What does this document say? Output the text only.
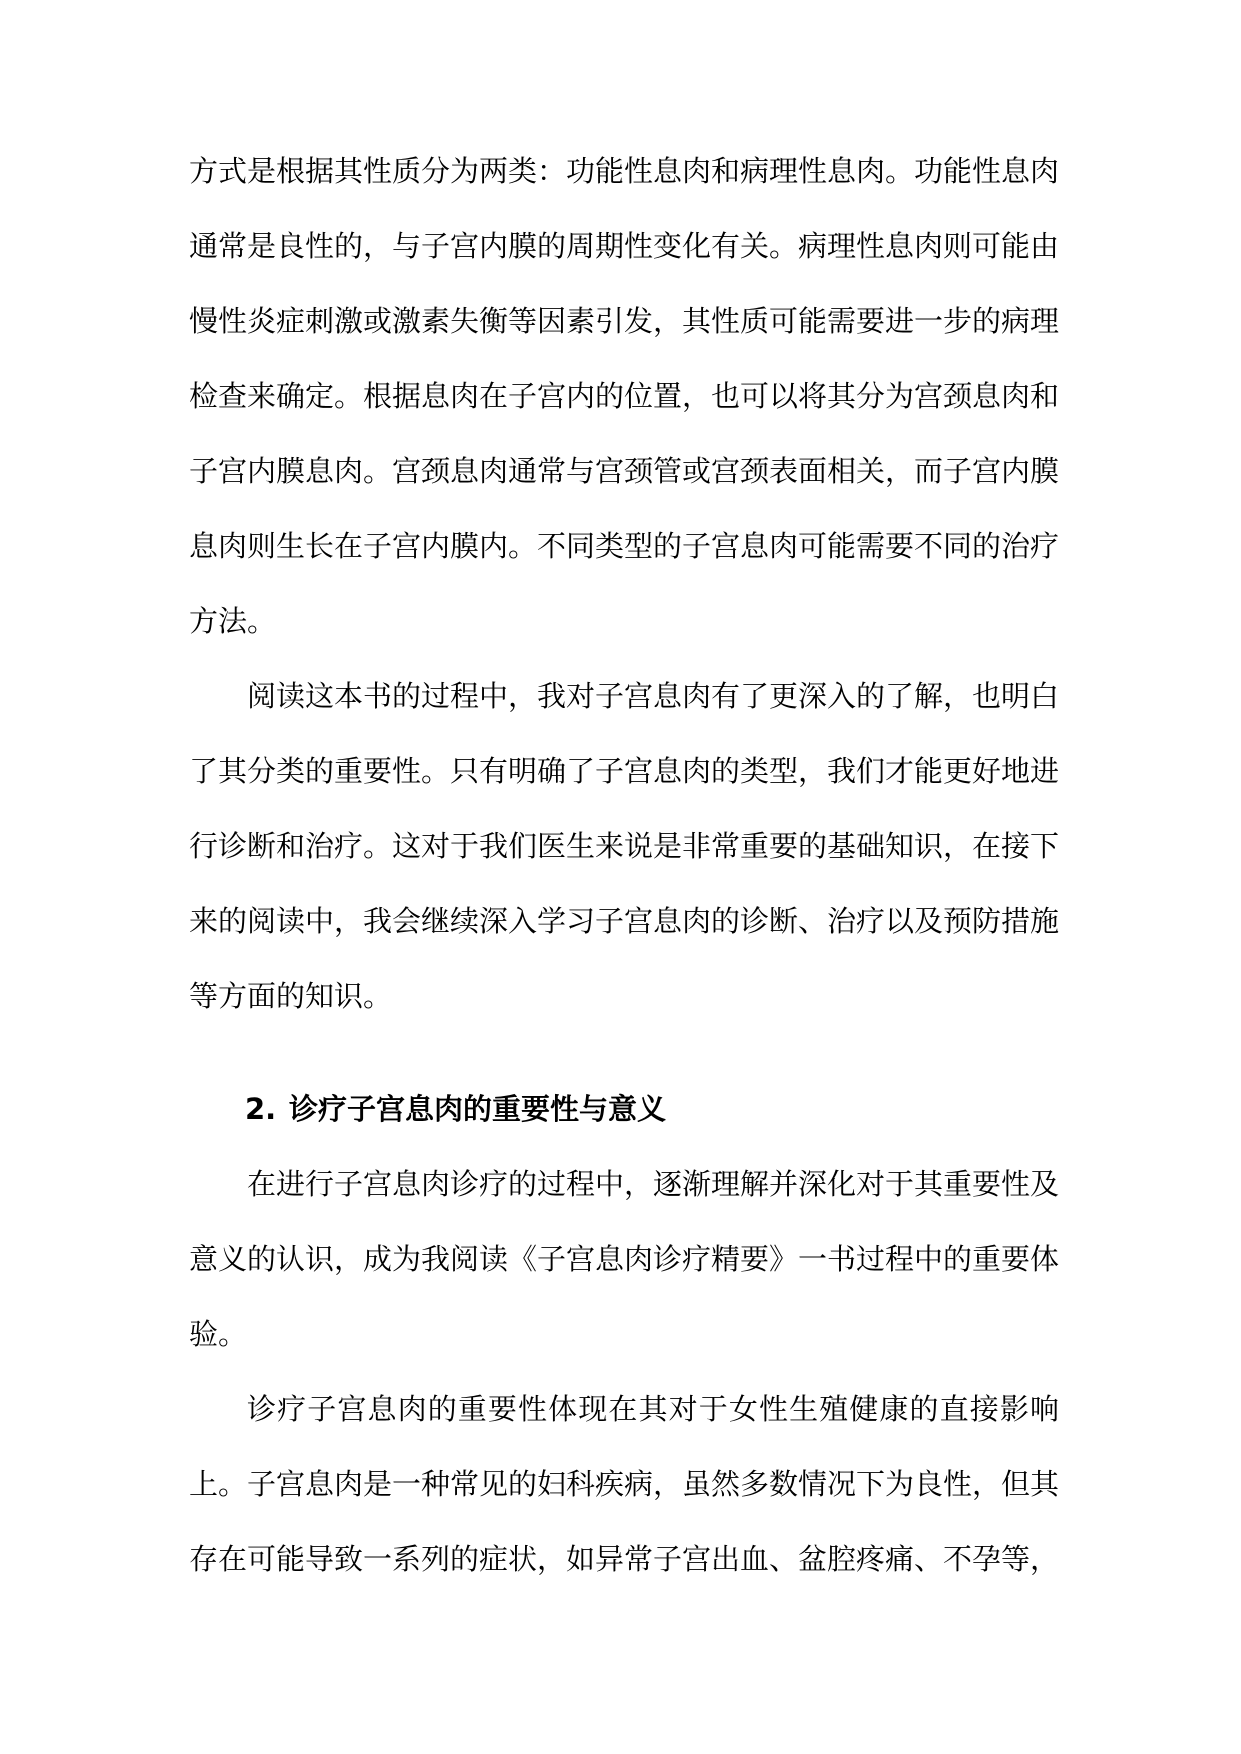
方式是根据其性质分为两类：功能性息肉和病理性息肉。功能性息肉通常是良性的，与子宫内膜的周期性变化有关。病理性息肉则可能由慢性炎症刺激或激素失衡等因素引发，其性质可能需要进一步的病理检查来确定。根据息肉在子宫内的位置，也可以将其分为宫颈息肉和子宫内膜息肉。宫颈息肉通常与宫颈管或宫颈表面相关，而子宫内膜息肉则生长在子宫内膜内。不同类型的子宫息肉可能需要不同的治疗方法。

阅读这本书的过程中，我对子宫息肉有了更深入的了解，也明白了其分类的重要性。只有明确了子宫息肉的类型，我们才能更好地进行诊断和治疗。这对于我们医生来说是非常重要的基础知识，在接下来的阅读中，我会继续深入学习子宫息肉的诊断、治疗以及预防措施等方面的知识。

2. 诊疗子宫息肉的重要性与意义

在进行子宫息肉诊疗的过程中，逐渐理解并深化对于其重要性及意义的认识，成为我阅读《子宫息肉诊疗精要》一书过程中的重要体验。

诊疗子宫息肉的重要性体现在其对于女性生殖健康的直接影响上。子宫息肉是一种常见的妇科疾病，虽然多数情况下为良性，但其存在可能导致一系列的症状，如异常子宫出血、盆腔疼痛、不孕等，
